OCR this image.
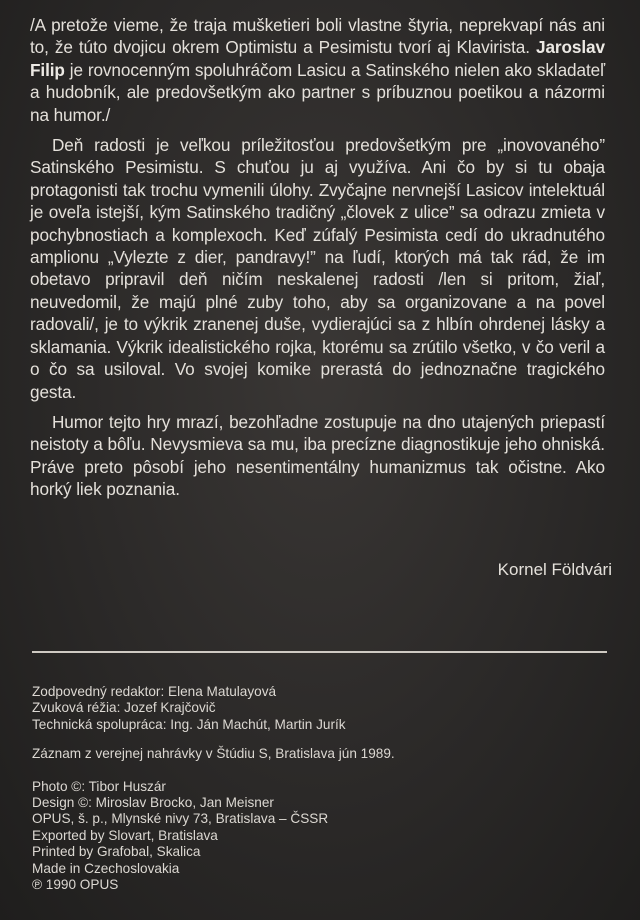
/A pretože vieme, že traja mušketieri boli vlastne štyria, neprekvapí nás ani to, že túto dvojicu okrem Optimistu a Pesimistu tvorí aj Klavirista. Jaroslav Filip je rovnocenným spoluhráčom Lasicu a Satinského nielen ako skladateľ a hudobník, ale predovšetkým ako partner s príbuznou poetikou a názormi na humor./

Deň radosti je veľkou príležitosťou predovšetkým pre „inovovaného” Satinského Pesimistu. S chuťou ju aj využíva. Ani čo by si tu obaja protagonisti tak trochu vymenili úlohy. Zvyčajne nervnejší Lasicov intelektuál je oveľa istejší, kým Satinského tradičný „človek z ulice” sa odrazu zmieta v pochybnostiach a komplexoch. Keď zúfalý Pesimista cedí do ukradnutého amplionu „Vylezte z dier, pandravy!” na ľudí, ktorých má tak rád, že im obetavo pripravil deň ničím neskalenej radosti /len si pritom, žiaľ, neuvedomil, že majú plné zuby toho, aby sa organizovane a na povel radovali/, je to výkrik zranenej duše, vydierajúci sa z hlbín ohrdenej lásky a sklamania. Výkrik idealistického rojka, ktorému sa zrútilo všetko, v čo veril a o čo sa usiloval. Vo svojej komike prerastá do jednoznačne tragického gesta.

Humor tejto hry mrazí, bezohľadne zostupuje na dno utajených priepastí neistoty a bôľu. Nevysmieva sa mu, iba precízne diagnostikuje jeho ohniská. Práve preto pôsobí jeho nesentimentálny humanizmus tak očistne. Ako horký liek poznania.

Kornel Földvári
Zodpovedný redaktor: Elena Matulayová
Zvuková réžia: Jozef Krajčovič
Technická spolupráca: Ing. Ján Machút, Martin Jurík
Záznam z verejnej nahrávky v Štúdiu S, Bratislava jún 1989.
Photo ©: Tibor Huszár
Design ©: Miroslav Brocko, Jan Meisner
OPUS, š. p., Mlynské nivy 73, Bratislava – ČSSR
Exported by Slovart, Bratislava
Printed by Grafobal, Skalica
Made in Czechoslovakia
℗ 1990 OPUS
